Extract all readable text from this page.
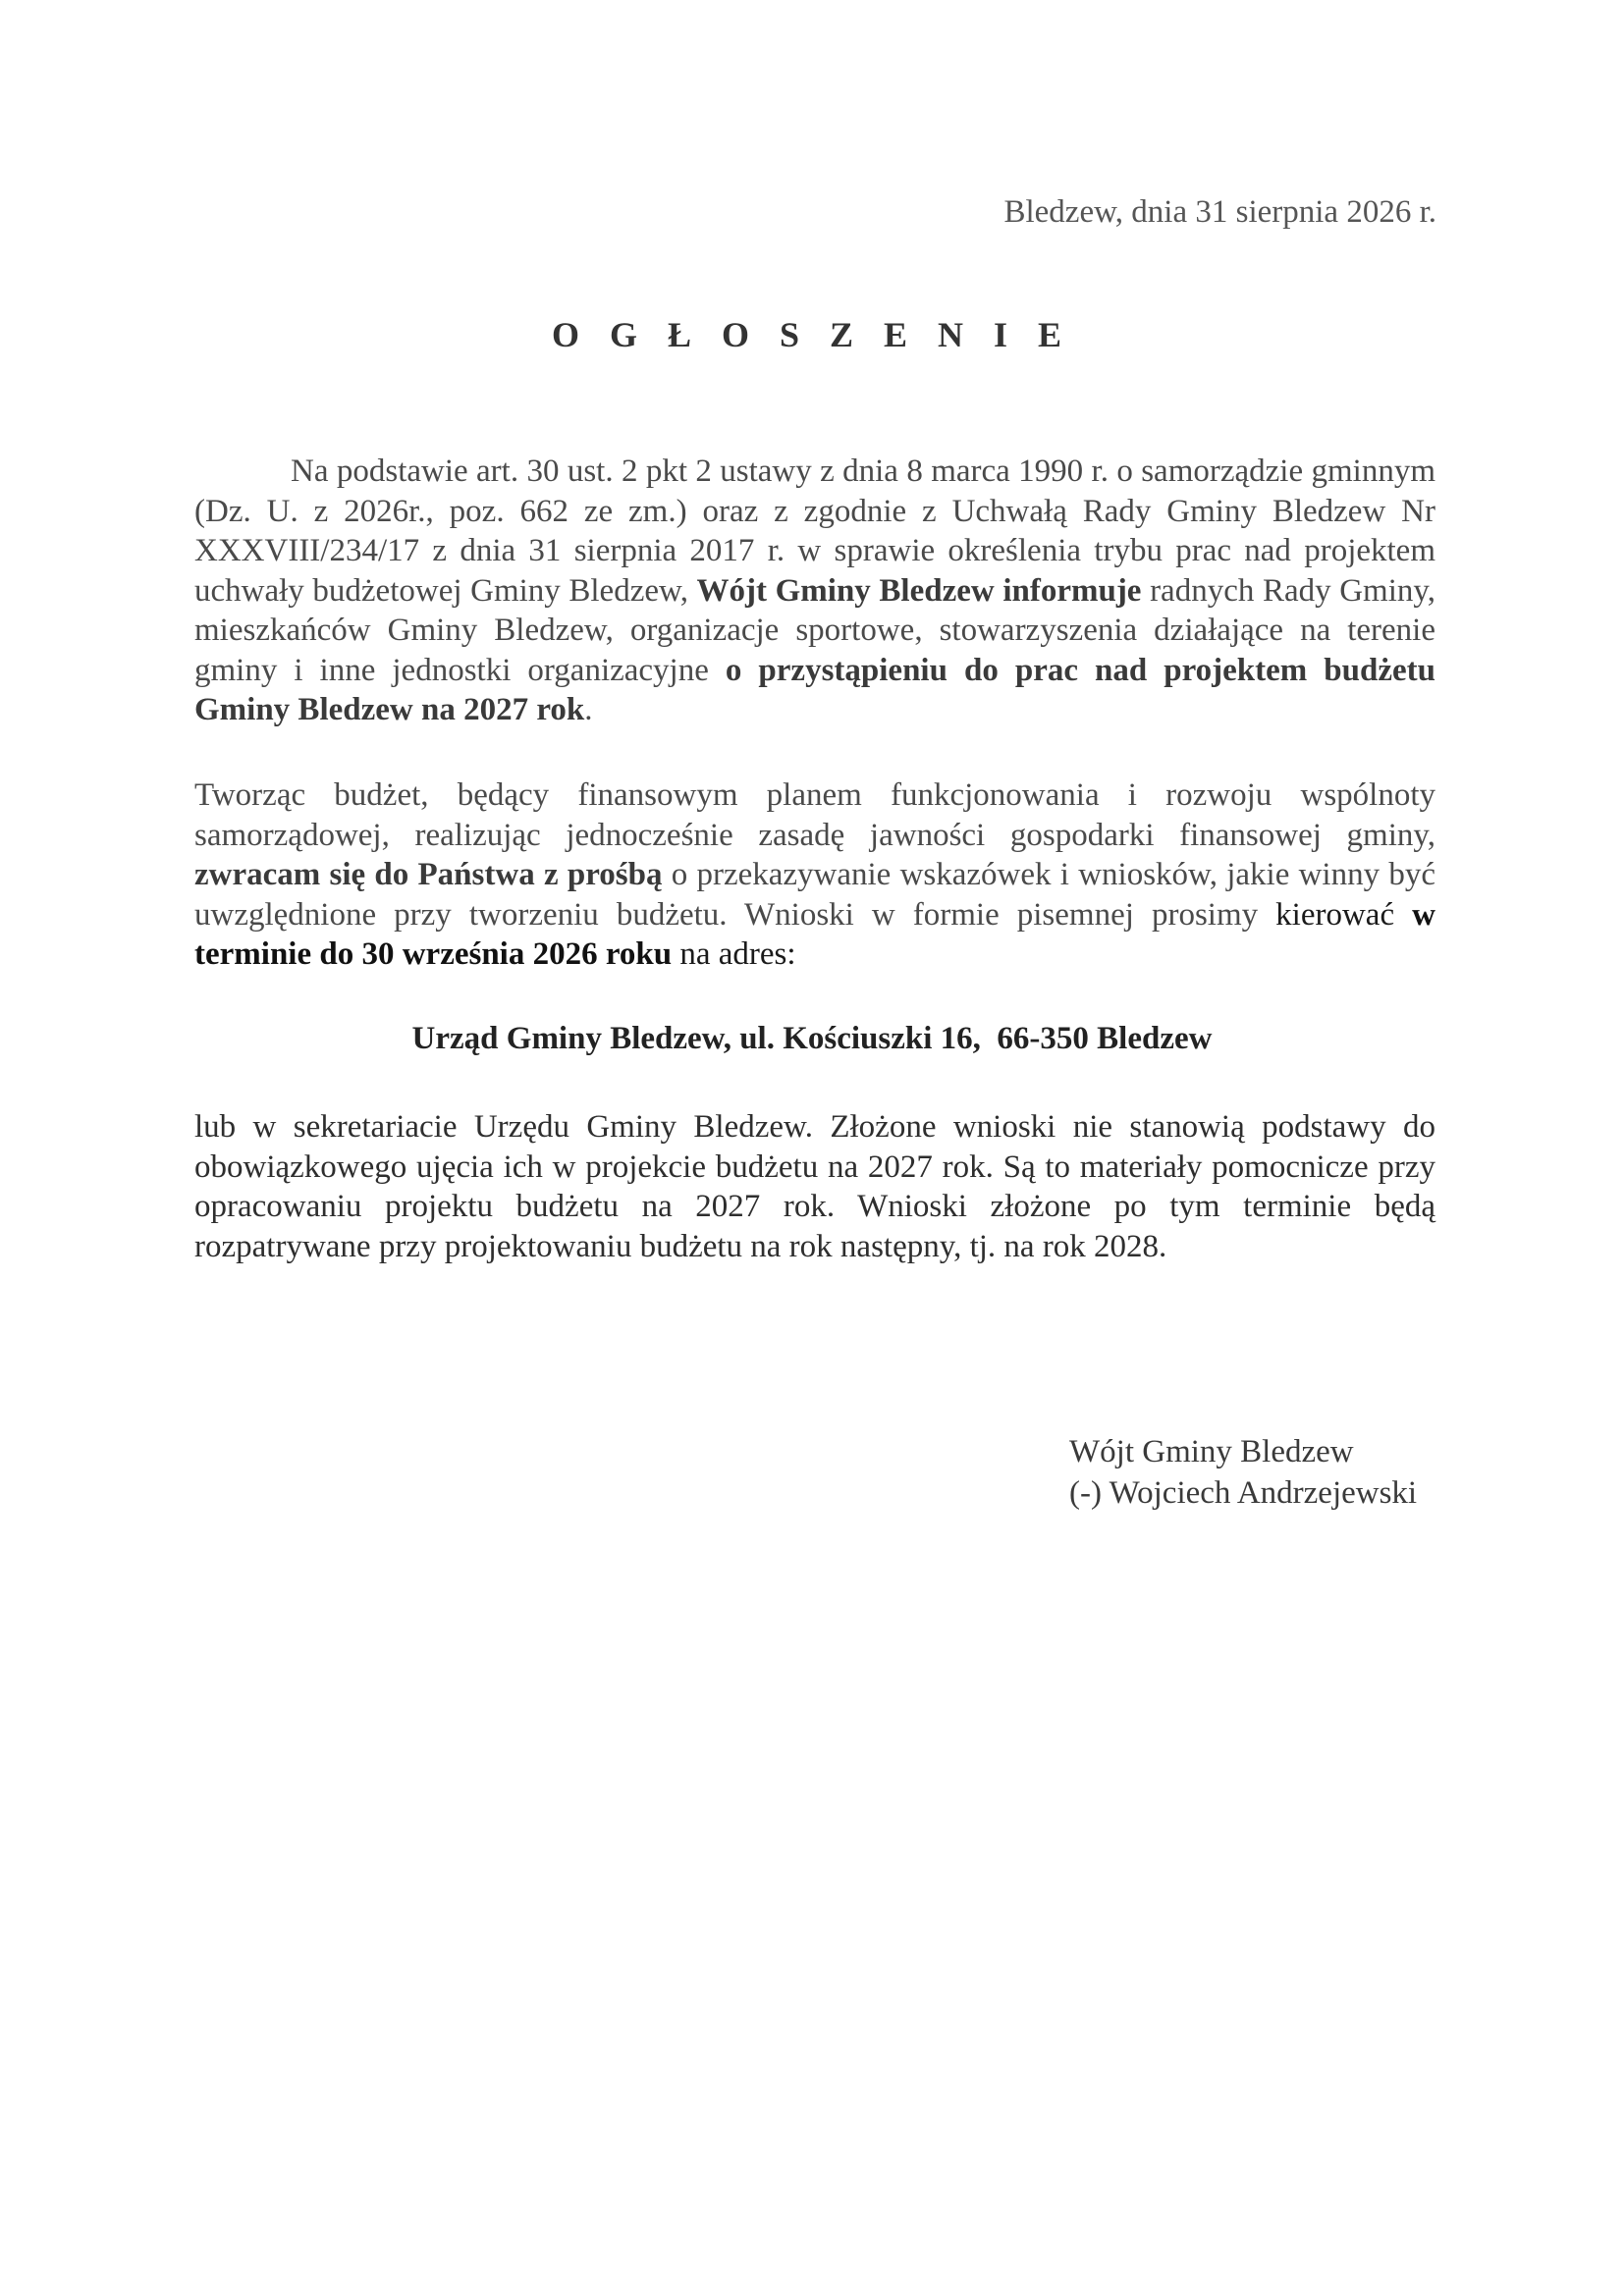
Bledzew, dnia 31 sierpnia 2026 r.
O G Ł O S Z E N I E
Na podstawie art. 30 ust. 2 pkt 2 ustawy z dnia 8 marca 1990 r. o samorządzie gminnym (Dz. U. z 2026r., poz. 662 ze zm.) oraz z zgodnie z Uchwałą Rady Gminy Bledzew Nr XXXVIII/234/17 z dnia 31 sierpnia 2017 r. w sprawie określenia trybu prac nad projektem uchwały budżetowej Gminy Bledzew, Wójt Gminy Bledzew informuje radnych Rady Gminy, mieszkańców Gminy Bledzew, organizacje sportowe, stowarzyszenia działające na terenie gminy i inne jednostki organizacyjne o przystąpieniu do prac nad projektem budżetu Gminy Bledzew na 2027 rok.
Tworząc budżet, będący finansowym planem funkcjonowania i rozwoju wspólnoty samorządowej, realizując jednocześnie zasadę jawności gospodarki finansowej gminy, zwracam się do Państwa z prośbą o przekazywanie wskazówek i wniosków, jakie winny być uwzględnione przy tworzeniu budżetu. Wnioski w formie pisemnej prosimy kierować w terminie do 30 września 2026 roku na adres:
Urząd Gminy Bledzew, ul. Kościuszki 16,  66-350 Bledzew
lub w sekretariacie Urzędu Gminy Bledzew. Złożone wnioski nie stanowią podstawy do obowiązkowego ujęcia ich w projekcie budżetu na 2027 rok. Są to materiały pomocnicze przy opracowaniu projektu budżetu na 2027 rok. Wnioski złożone po tym terminie będą rozpatrywane przy projektowaniu budżetu na rok następny, tj. na rok 2028.
Wójt Gminy Bledzew
(-) Wojciech Andrzejewski
